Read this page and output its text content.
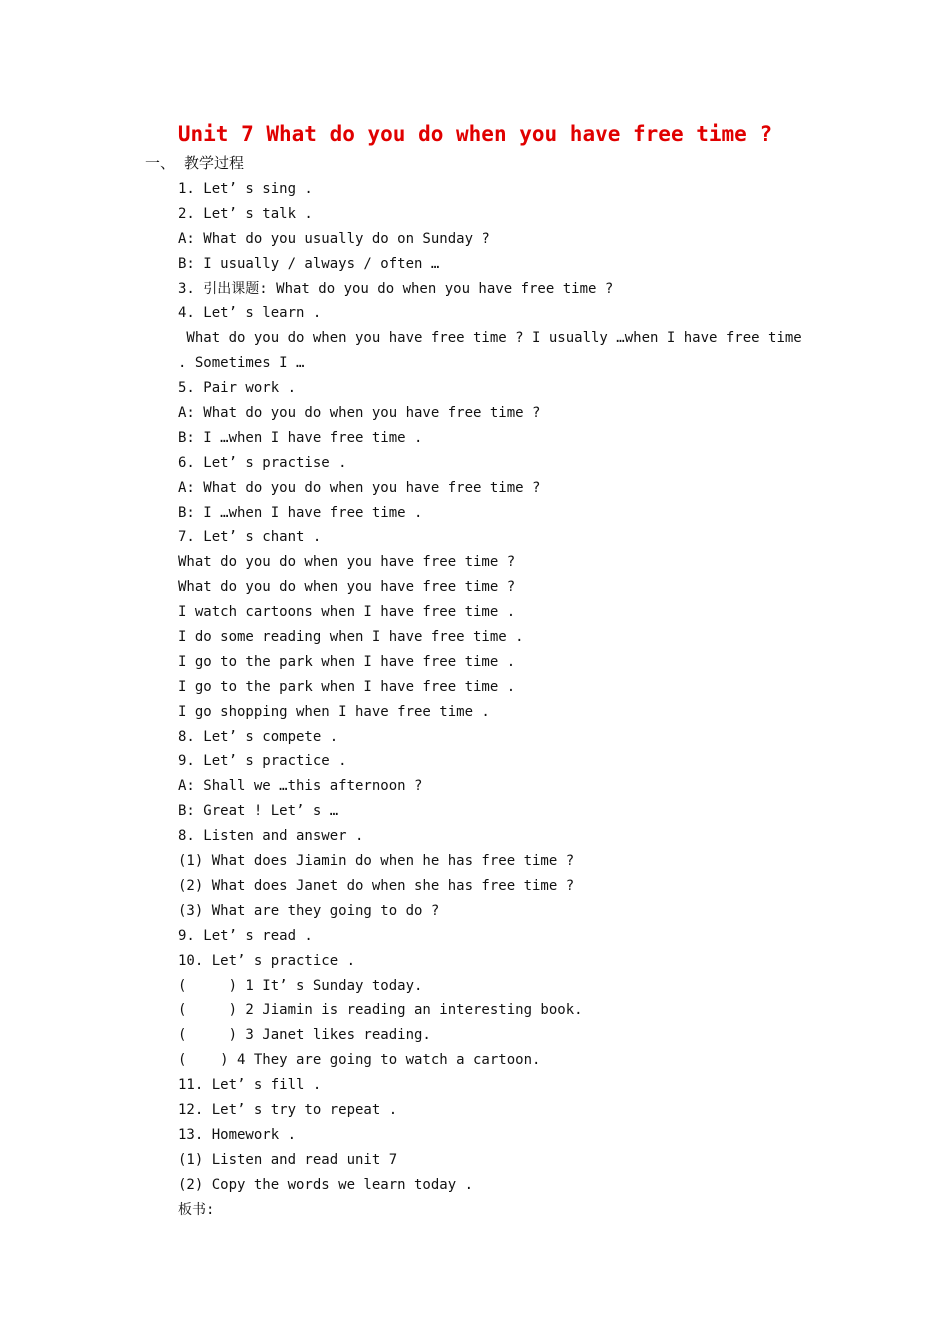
Unit 7 What do you do when you have free time ?
一、 教学过程
1. Let’ s sing .
2. Let’ s talk .
A: What do you usually do on Sunday ?
B: I usually / always / often …
3. 引出课题: What do you do when you have free time ?
4. Let’ s learn .
What do you do when you have free time ? I usually …when I have free time
. Sometimes I …
5. Pair work .
A: What do you do when you have free time ?
B: I …when I have free time .
6. Let’ s practise .
A: What do you do when you have free time ?
B: I …when I have free time .
7. Let’ s chant .
What do you do when you have free time ?
What do you do when you have free time ?
I watch cartoons when I have free time .
I do some reading when I have free time .
I go to the park when I have free time .
I go to the park when I have free time .
I go shopping when I have free time .
8. Let’ s compete .
9. Let’ s practice .
A: Shall we …this afternoon ?
B: Great ! Let’ s …
8. Listen and answer .
(1) What does Jiamin do when he has free time ?
(2) What does Janet do when she has free time ?
(3) What are they going to do ?
9. Let’ s read .
10. Let’ s practice .
(     ) 1 It’ s Sunday today.
(     ) 2 Jiamin is reading an interesting book.
(     ) 3 Janet likes reading.
(    ) 4 They are going to watch a cartoon.
11. Let’ s fill .
12. Let’ s try to repeat .
13. Homework .
(1) Listen and read unit 7
(2) Copy the words we learn today .
板书:
